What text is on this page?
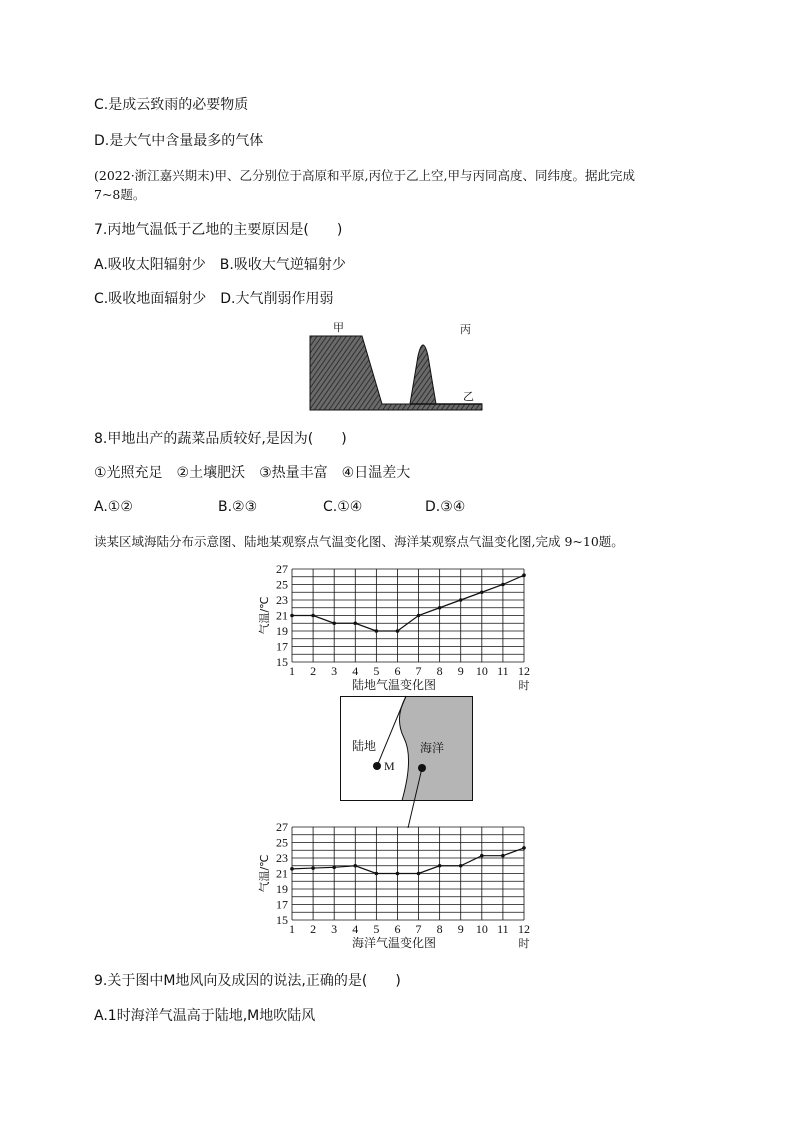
C.是成云致雨的必要物质
D.是大气中含量最多的气体
(2022·浙江嘉兴期末)甲、乙分别位于高原和平原,丙位于乙上空,甲与丙同高度、同纬度。据此完成
7~8题。
7.丙地气温低于乙地的主要原因是(　　)
A.吸收太阳辐射少　B.吸收大气逆辐射少
C.吸收地面辐射少　D.大气削弱作用弱
甲	丙
乙
8.甲地出产的蔬菜品质较好,是因为(　　)
①光照充足　②土壤肥沃　③热量丰富　④日温差大
A.①②	B.②③	C.①④	D.③④
读某区域海陆分布示意图、陆地某观察点气温变化图、海洋某观察点气温变化图,完成 9~10题。
15
17
19
21
23
25
27
1 2 3 4 5 6 7 8 9 10 11 12
气温/℃
时
陆地气温变化图
陆地
M
海洋
15
17
19
21
23
25
27
1 2 3 4 5 6 7 8 9 10 11 12
气温/℃
时
海洋气温变化图
9.关于图中M地风向及成因的说法,正确的是(　　)
A.1时海洋气温高于陆地,M地吹陆风
